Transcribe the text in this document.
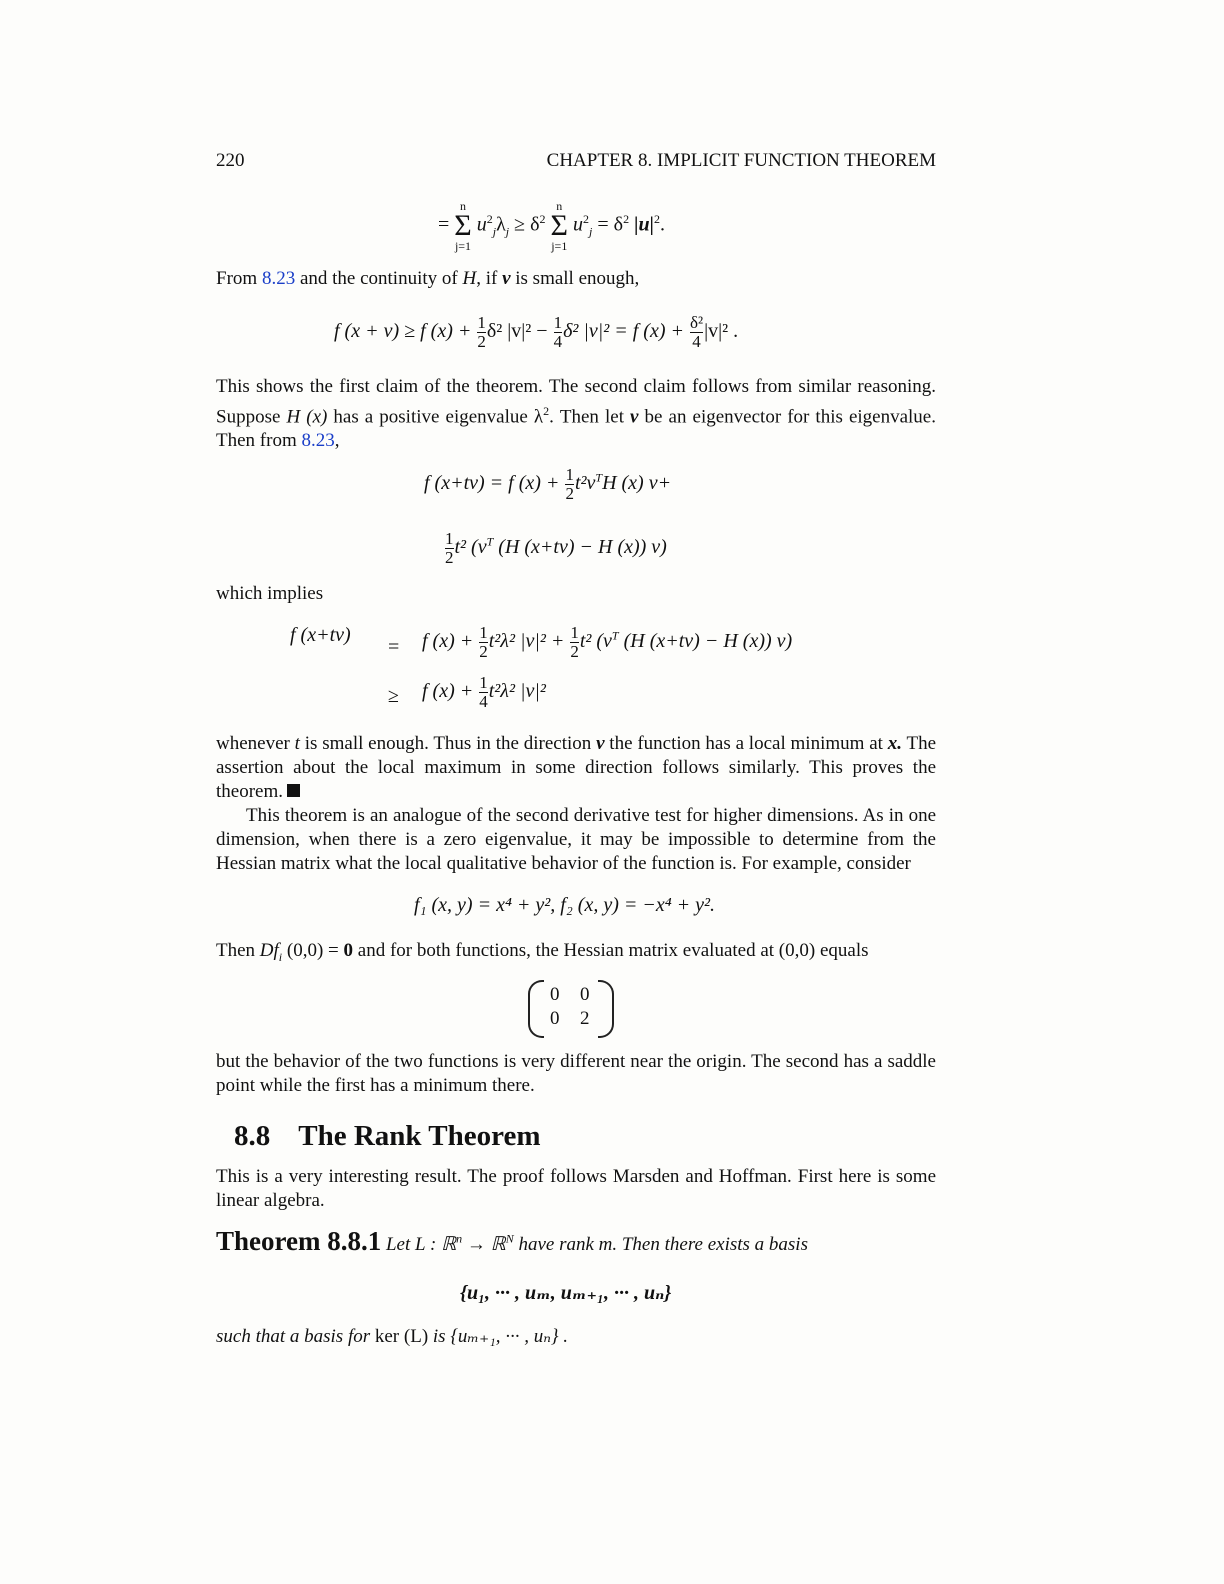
220	CHAPTER 8. IMPLICIT FUNCTION THEOREM
= n
Σ
j=1 $u^2_j\lambda_j \ge \delta^2$ n
Σ
j=1 $u^2_j = \delta^2$ $|u|^2$.
From 8.23 and the continuity of H, if v is small enough,
f (x + v) ≥ f $(x) + \frac{1}{2} \delta^2$ $|v|^2 - \frac{1}{4} \delta^2$ |v|² = f $(x) + \frac{\text{δ²}}{4} |v|^2$ .
This shows the first claim of the theorem. The second claim follows from similar reasoning. Suppose H (x) has a positive eigenvalue $\lambda^2$. Then let v be an eigenvector for this eigenvalue. Then from 8.23,
f (x+tv) = f $(x) + \frac{1}{2} t^2v^TH$ (x) v+
$\frac{1}{2} t^2$ ($v^T$ (H (x+tv) − H (x)) v)
which implies
f (x+tv)
= f $(x) + \frac{1}{2} t^2\lambda^2$ $|v|^2 + \frac{1}{2} t^2$ ($v^T$ (H (x+tv) − H (x)) v)
≥ f $(x) + \frac{1}{4} t^2\lambda^2$ |v|²
whenever t is small enough. Thus in the direction v the function has a local minimum at x. The assertion about the local maximum in some direction follows similarly. This proves the theorem.
This theorem is an analogue of the second derivative test for higher dimensions. As in one dimension, when there is a zero eigenvalue, it may be impossible to determine from the Hessian matrix what the local qualitative behavior of the function is. For example, consider
f₁ (x, y) = x⁴ + y², f₂ (x, y) = −x⁴ + y².
Then $Df_i$ (0,0) = 0 and for both functions, the Hessian matrix evaluated at (0,0) equals
0 0
0 2
but the behavior of the two functions is very different near the origin. The second has a saddle point while the first has a minimum there.
8.8 The Rank Theorem
This is a very interesting result. The proof follows Marsden and Hoffman. First here is some linear algebra.
Theorem 8.8.1 Let L : ℝ$^n$ → ℝ$^N$ have rank m. Then there exists a basis
{u₁, ··· , uₘ, uₘ₊₁, ··· , uₙ}
such that a basis for ker (L) is {uₘ₊₁, ··· , uₙ} .
